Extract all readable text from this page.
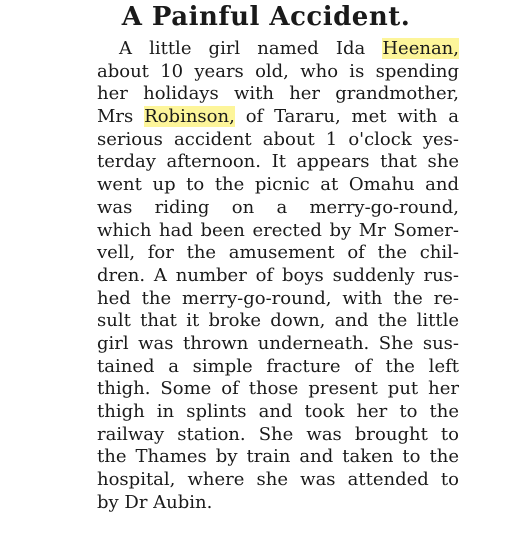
A Painful Accident.
A little girl named Ida Heenan,
about 10 years old, who is spending
her holidays with her grandmother,
Mrs Robinson, of Tararu, met with a
serious accident about 1 o'clock yes-
terday afternoon. It appears that she
went up to the picnic at Omahu and
was riding on a merry-go-round,
which had been erected by Mr Somer-
vell, for the amusement of the chil-
dren. A number of boys suddenly rus-
hed the merry-go-round, with the re-
sult that it broke down, and the little
girl was thrown underneath. She sus-
tained a simple fracture of the left
thigh. Some of those present put her
thigh in splints and took her to the
railway station. She was brought to
the Thames by train and taken to the
hospital, where she was attended to
by Dr Aubin.
